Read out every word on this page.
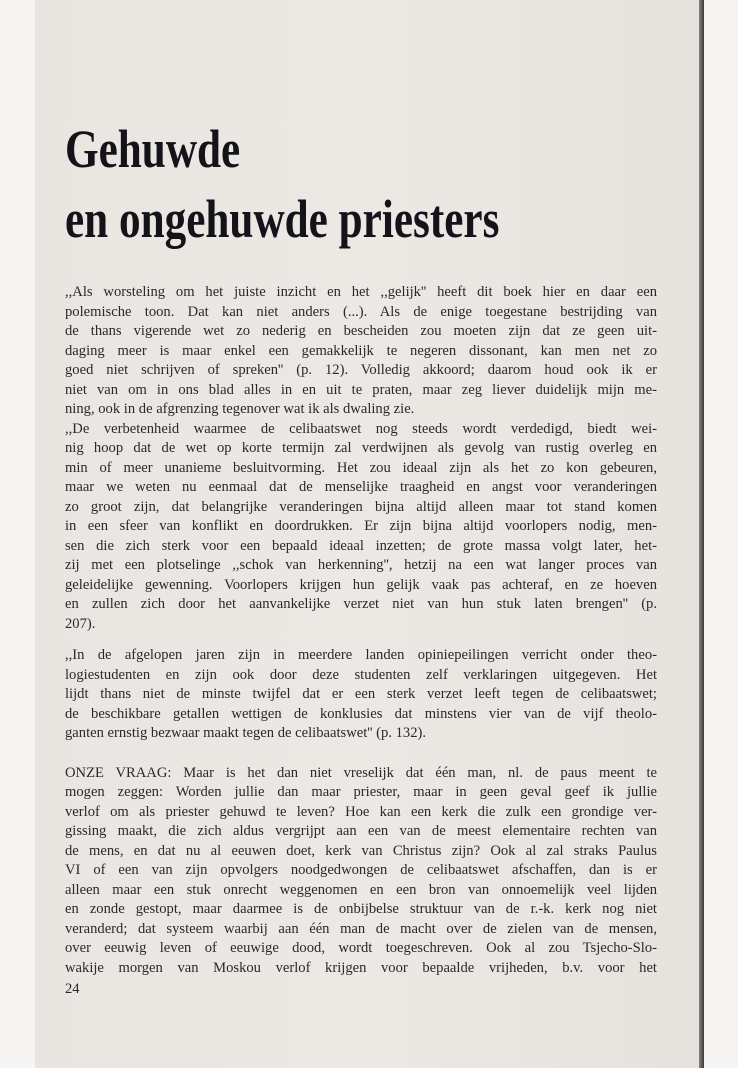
Gehuwde
en ongehuwde priesters
,,Als worsteling om het juiste inzicht en het ,,gelijk'' heeft dit boek hier en daar een
polemische toon. Dat kan niet anders (...). Als de enige toegestane bestrijding van
de thans vigerende wet zo nederig en bescheiden zou moeten zijn dat ze geen uit-
daging meer is maar enkel een gemakkelijk te negeren dissonant, kan men net zo
goed niet schrijven of spreken'' (p. 12). Volledig akkoord; daarom houd ook ik er
niet van om in ons blad alles in en uit te praten, maar zeg liever duidelijk mijn me-
ning, ook in de afgrenzing tegenover wat ik als dwaling zie.
,,De verbetenheid waarmee de celibaatswet nog steeds wordt verdedigd, biedt wei-
nig hoop dat de wet op korte termijn zal verdwijnen als gevolg van rustig overleg en
min of meer unanieme besluitvorming. Het zou ideaal zijn als het zo kon gebeuren,
maar we weten nu eenmaal dat de menselijke traagheid en angst voor veranderingen
zo groot zijn, dat belangrijke veranderingen bijna altijd alleen maar tot stand komen
in een sfeer van konflikt en doordrukken. Er zijn bijna altijd voorlopers nodig, men-
sen die zich sterk voor een bepaald ideaal inzetten; de grote massa volgt later, het-
zij met een plotselinge ,,schok van herkenning'', hetzij na een wat langer proces van
geleidelijke gewenning. Voorlopers krijgen hun gelijk vaak pas achteraf, en ze hoeven
en zullen zich door het aanvankelijke verzet niet van hun stuk laten brengen'' (p.
207).
,,In de afgelopen jaren zijn in meerdere landen opiniepeilingen verricht onder theo-
logiestudenten en zijn ook door deze studenten zelf verklaringen uitgegeven. Het
lijdt thans niet de minste twijfel dat er een sterk verzet leeft tegen de celibaatswet;
de beschikbare getallen wettigen de konklusies dat minstens vier van de vijf theolo-
ganten ernstig bezwaar maakt tegen de celibaatswet'' (p. 132).
ONZE VRAAG: Maar is het dan niet vreselijk dat één man, nl. de paus meent te
mogen zeggen: Worden jullie dan maar priester, maar in geen geval geef ik jullie
verlof om als priester gehuwd te leven? Hoe kan een kerk die zulk een grondige ver-
gissing maakt, die zich aldus vergrijpt aan een van de meest elementaire rechten van
de mens, en dat nu al eeuwen doet, kerk van Christus zijn? Ook al zal straks Paulus
VI of een van zijn opvolgers noodgedwongen de celibaatswet afschaffen, dan is er
alleen maar een stuk onrecht weggenomen en een bron van onnoemelijk veel lijden
en zonde gestopt, maar daarmee is de onbijbelse struktuur van de r.-k. kerk nog niet
veranderd; dat systeem waarbij aan één man de macht over de zielen van de mensen,
over eeuwig leven of eeuwige dood, wordt toegeschreven. Ook al zou Tsjecho-Slo-
wakije morgen van Moskou verlof krijgen voor bepaalde vrijheden, b.v. voor het
24
